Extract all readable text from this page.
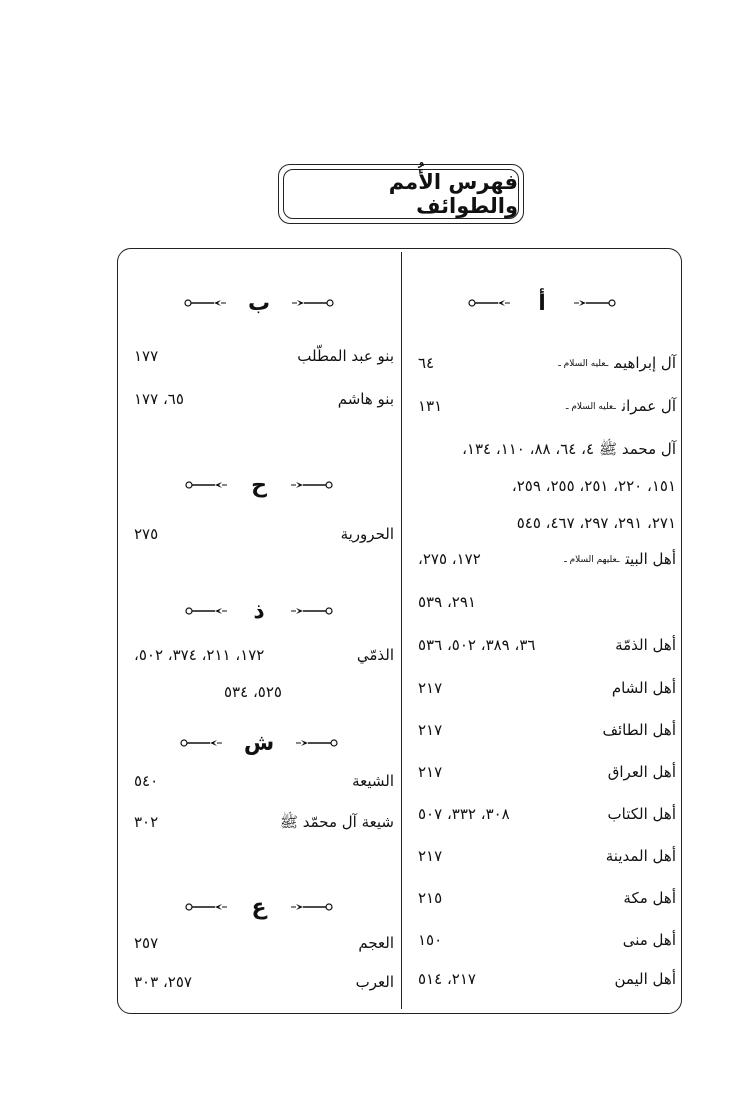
فهرس الأُمم والطوائف
أ
آل إبراهيمـعليه السلام ـ
٦٤
آل عمرانـعليه السلام ـ
١٣١
آل محمد ﷺ
٤، ٦٤، ٨٨، ١١٠، ١٣٤،
١٥١، ٢٢٠، ٢٥١، ٢٥٥، ٢٥٩،
٢٧١، ٢٩١، ٢٩٧، ٤٦٧، ٥٤٥
أهل البيتـعليهم السلام ـ
١٧٢، ٢٧٥،
٢٩١، ٥٣٩
أهل الذمّة
٣٦، ٣٨٩، ٥٠٢، ٥٣٦
أهل الشام
٢١٧
أهل الطائف
٢١٧
أهل العراق
٢١٧
أهل الكتاب
٣٠٨، ٣٣٢، ٥٠٧
أهل المدينة
٢١٧
أهل مكة
٢١٥
أهل منى
١٥٠
أهل اليمن
٢١٧، ٥١٤
ب
بنو عبد المطّلب
١٧٧
بنو هاشم
٦٥، ١٧٧
ح
الحرورية
٢٧٥
ذ
الذمّي
١٧٢، ٢١١، ٣٧٤، ٥٠٢،
٥٢٥، ٥٣٤
ش
الشيعة
٥٤٠
شيعة آل محمّد ﷺ
٣٠٢
ع
العجم
٢٥٧
العرب
٢٥٧، ٣٠٣
